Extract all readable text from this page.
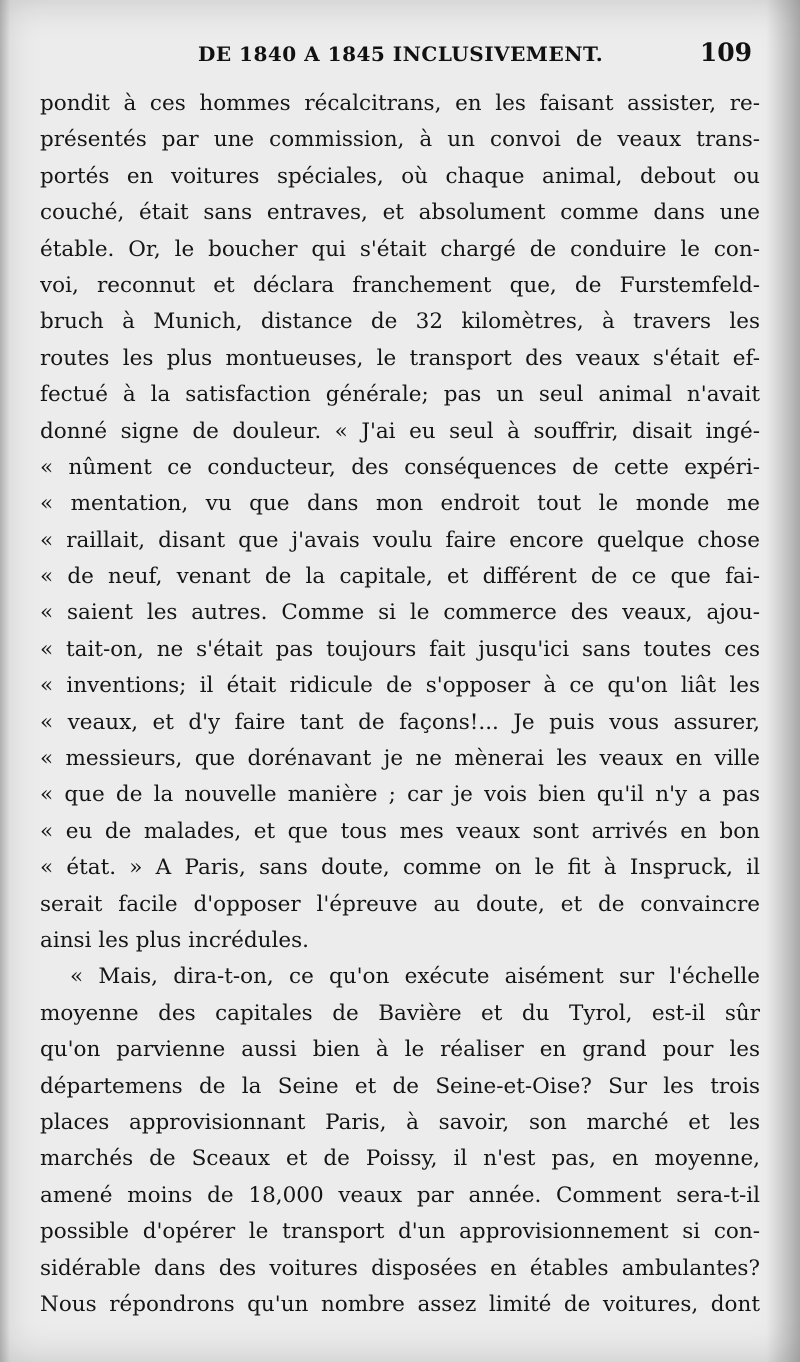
DE 1840 A 1845 INCLUSIVEMENT.	109
pondit à ces hommes récalcitrans, en les faisant assister, re-
présentés par une commission, à un convoi de veaux trans-
portés en voitures spéciales, où chaque animal, debout ou
couché, était sans entraves, et absolument comme dans une
étable. Or, le boucher qui s'était chargé de conduire le con-
voi, reconnut et déclara franchement que, de Furstemfeld-
bruch à Munich, distance de 32 kilomètres, à travers les
routes les plus montueuses, le transport des veaux s'était ef-
fectué à la satisfaction générale; pas un seul animal n'avait
donné signe de douleur. « J'ai eu seul à souffrir, disait ingé-
« nûment ce conducteur, des conséquences de cette expéri-
« mentation, vu que dans mon endroit tout le monde me
« raillait, disant que j'avais voulu faire encore quelque chose
« de neuf, venant de la capitale, et différent de ce que fai-
« saient les autres. Comme si le commerce des veaux, ajou-
« tait-on, ne s'était pas toujours fait jusqu'ici sans toutes ces
« inventions; il était ridicule de s'opposer à ce qu'on liât les
« veaux, et d'y faire tant de façons!... Je puis vous assurer,
« messieurs, que dorénavant je ne mènerai les veaux en ville
« que de la nouvelle manière ; car je vois bien qu'il n'y a pas
« eu de malades, et que tous mes veaux sont arrivés en bon
« état. » A Paris, sans doute, comme on le fit à Inspruck, il
serait facile d'opposer l'épreuve au doute, et de convaincre
ainsi les plus incrédules.
« Mais, dira-t-on, ce qu'on exécute aisément sur l'échelle
moyenne des capitales de Bavière et du Tyrol, est-il sûr
qu'on parvienne aussi bien à le réaliser en grand pour les
départemens de la Seine et de Seine-et-Oise? Sur les trois
places approvisionnant Paris, à savoir, son marché et les
marchés de Sceaux et de Poissy, il n'est pas, en moyenne,
amené moins de 18,000 veaux par année. Comment sera-t-il
possible d'opérer le transport d'un approvisionnement si con-
sidérable dans des voitures disposées en étables ambulantes?
Nous répondrons qu'un nombre assez limité de voitures, dont
